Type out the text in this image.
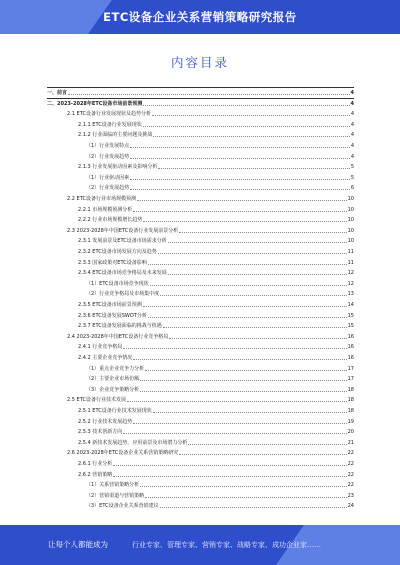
ETC设备企业关系营销策略研究报告
内容目录
一、前言	4
二、2023-2028年ETC设备市场前景预测	4
2.1 ETC设备行业发展现状及趋势分析	4
2.1.1 ETC设备行业发展现状	4
2.1.2 行业面临的主要问题及挑战	4
（1）行业发展特点	4
（2）行业发展趋势	4
2.1.3 行业发展驱动因素及影响分析	5
（1）行业驱动因素	5
（2）行业发展趋势	6
2.2 ETC设备行业市场规模预测	10
2.2.1 市场规模预测分析	10
2.2.2 行业市场规模增长趋势	10
2.3 2023-2028年中国ETC设备行业发展前景分析	10
2.3.1 发展前景及ETC设备市场需求分析	10
2.3.2 ETC设备市场发展方向及趋势	11
2.3.3 国家政策对ETC设备影响	11
2.3.4 ETC设备市场竞争格局及未来发展	12
（1）ETC设备市场竞争现状	12
（2）行业竞争格局及市场集中度	13
2.3.5 ETC设备市场前景预测	14
2.3.6 ETC设备发展SWOT分析	15
2.3.7 ETC设备发展面临的挑战与机遇	15
2.4 2023-2028年中国ETC设备行业竞争格局	16
2.4.1 行业竞争格局	16
2.4.2 主要企业竞争情况	16
（1）重点企业竞争力分析	17
（2）主要企业市场份额	17
（3）企业竞争策略分析	18
2.5 ETC设备行业技术发展	18
2.5.1 ETC设备行业技术发展现状	18
2.5.2 行业技术发展趋势	19
2.5.3 技术创新方向	20
2.5.4 新技术发展趋势、应用前景及市场潜力分析	21
2.6 2023-2028年ETC设备企业关系营销策略研究	22
2.6.1 行业分析	22
2.6.2 营销策略	22
（1）关系营销策略分析	22
（2）营销渠道与营销策略	23
（3）ETC设备企业关系营销建议	24
让每个人都能成为	行业专家、管理专家、营销专家、战略专家、成功企业家……
